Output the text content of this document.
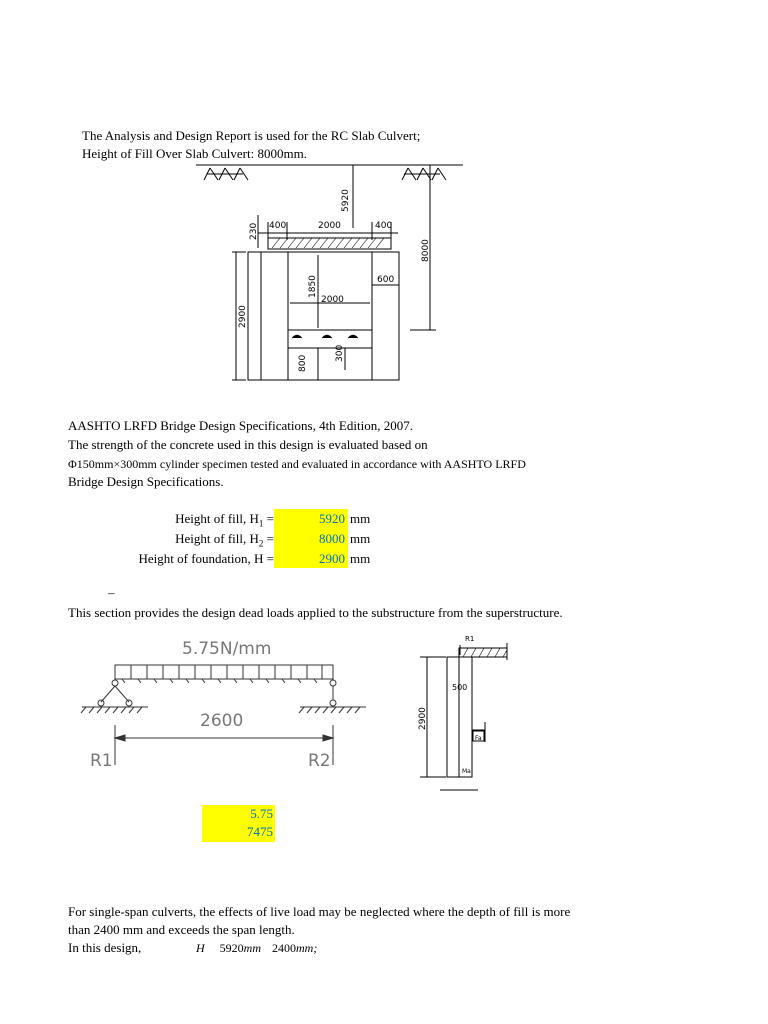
The Analysis and Design Report is used for the RC Slab Culvert;
Height of Fill Over Slab Culvert: 8000mm.
5920
8000
230 400	2000	400
600
1850
2000
2900
800
300
AASHTO LRFD Bridge Design Specifications, 4th Edition, 2007.
The strength of the concrete used in this design is evaluated based on
Φ150mm×300mm cylinder specimen tested and evaluated in accordance with AASHTO LRFD
Bridge Design Specifications.
Height of fill, $H_1$ =	5920 mm
Height of fill, $H_2$ =	8000 mm
Height of foundation, H =	2900 mm
–
This section provides the design dead loads applied to the substructure from the superstructure.
5.75N/mm
2600
R1	R2
R1
500
2900
Fa
Ma
5.75
7475
For single-span culverts, the effects of live load may be neglected where the depth of fill is more
than 2400 mm and exceeds the span length.
In this design,	H 5920mm 2400mm;
